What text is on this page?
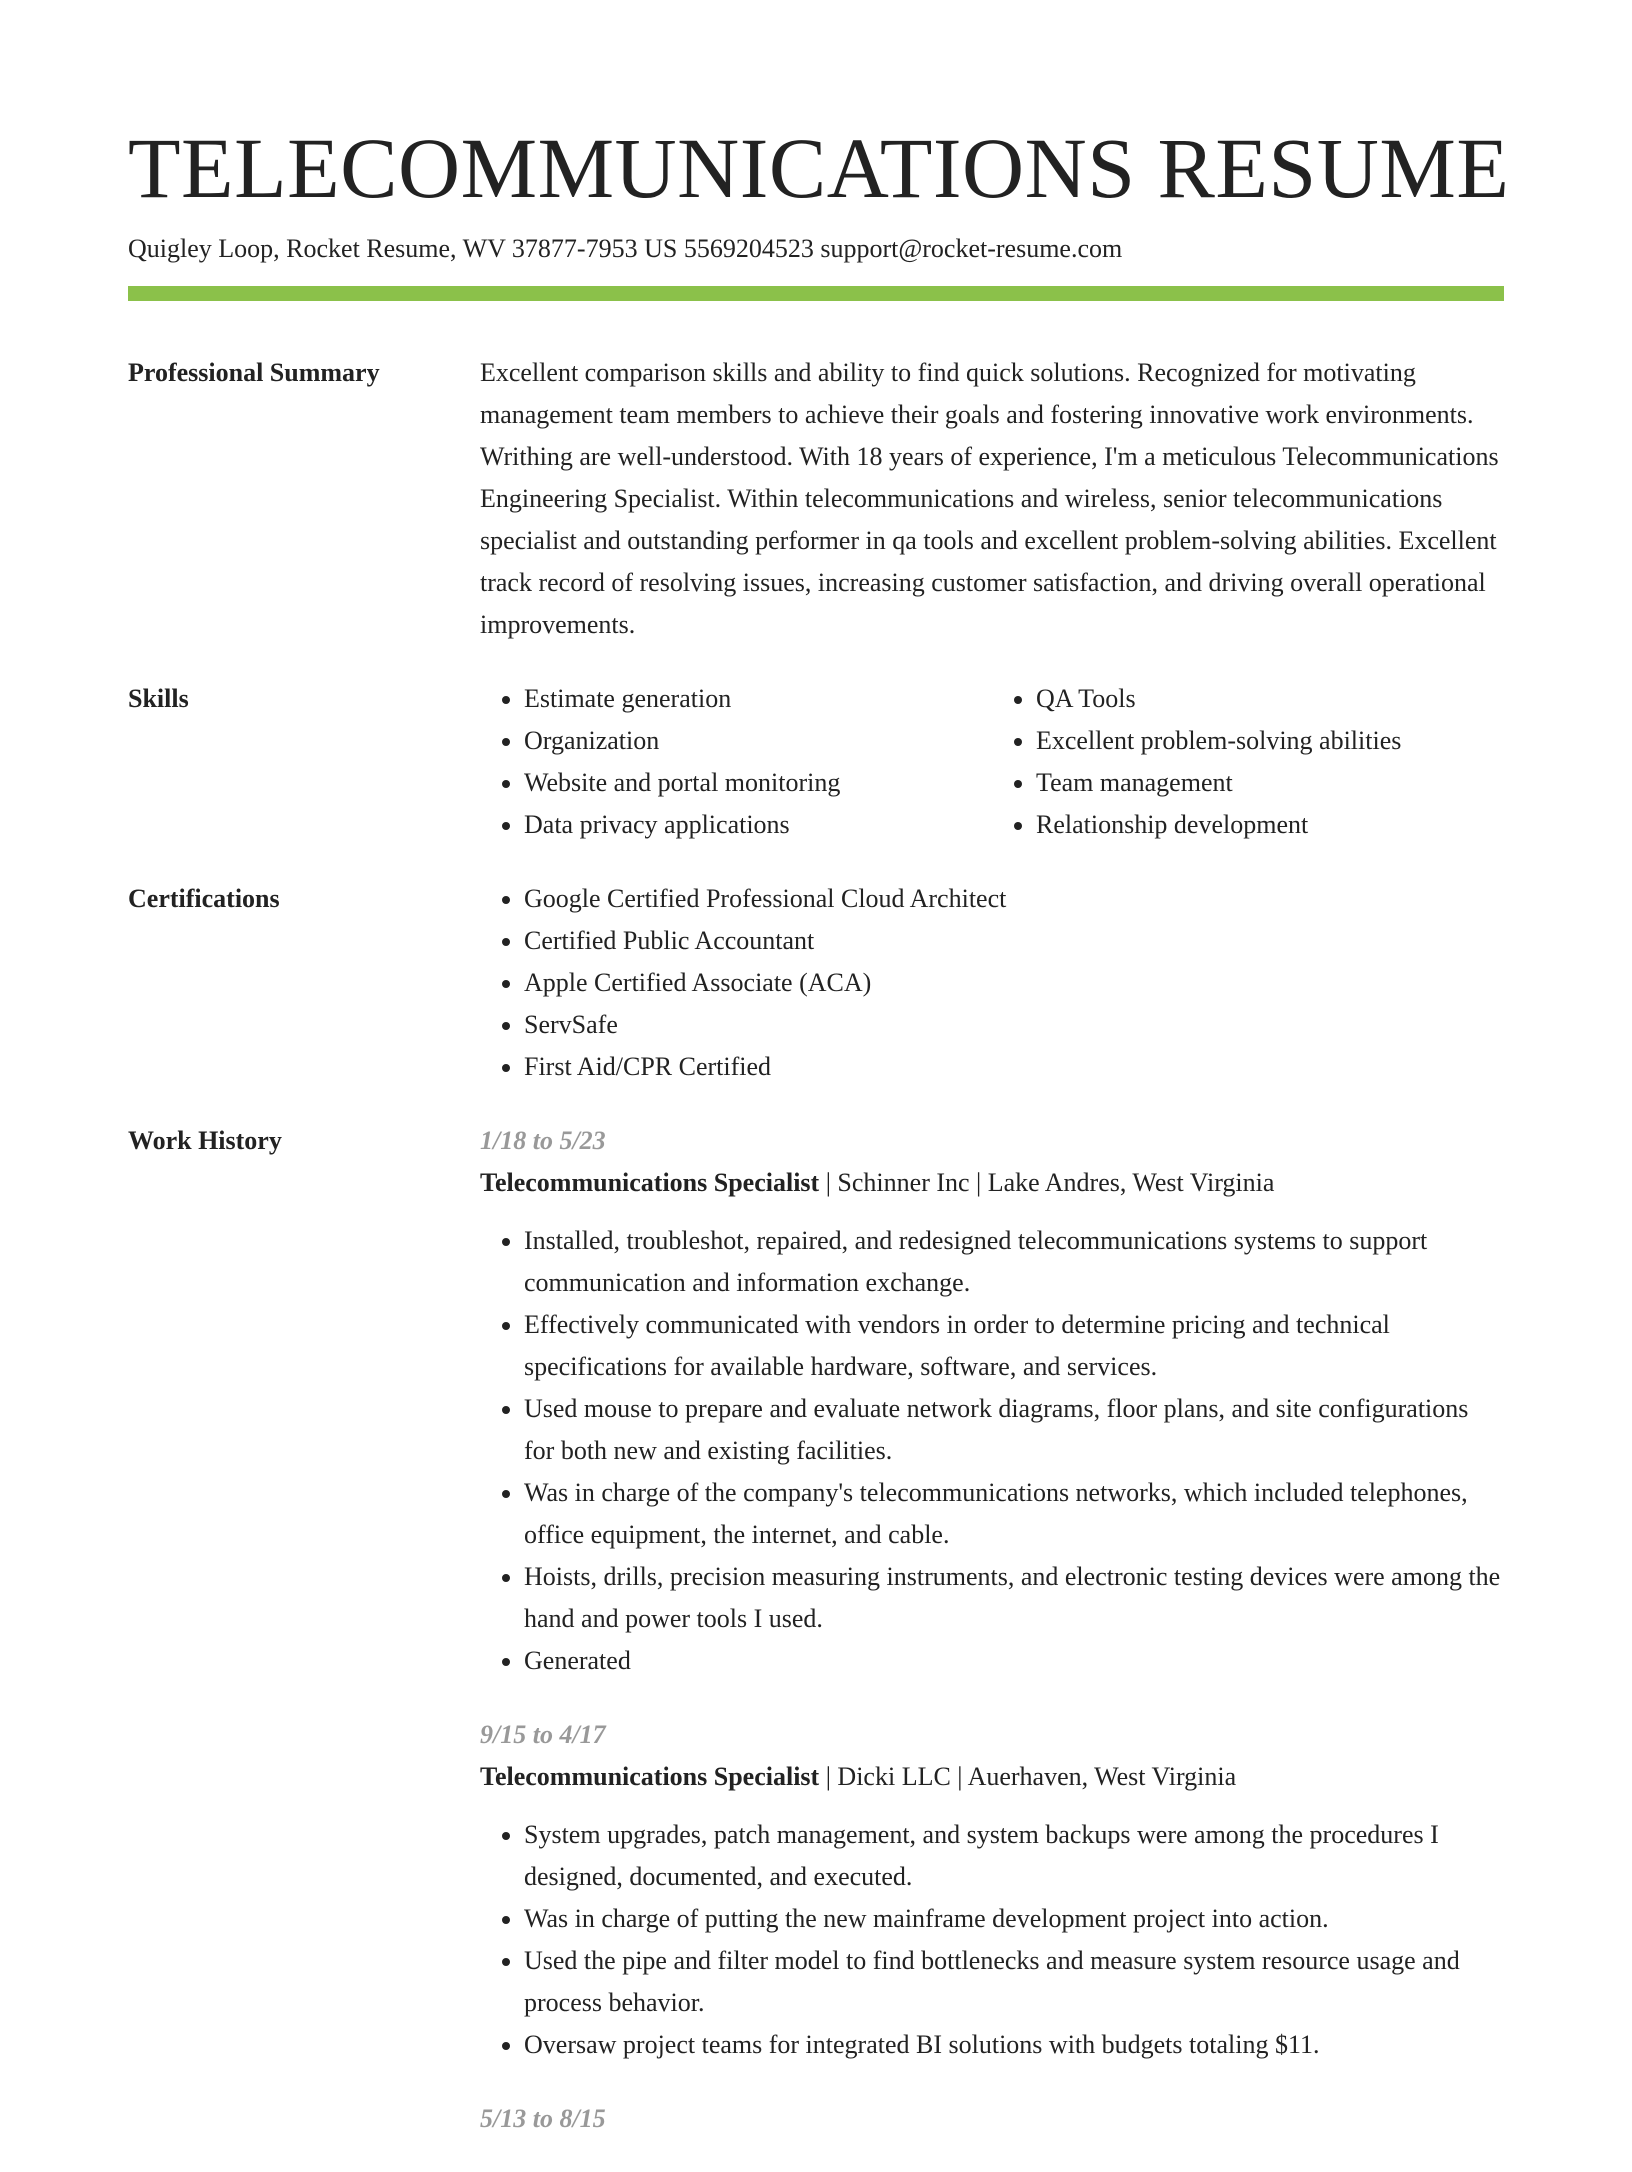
TELECOMMUNICATIONS RESUME
Quigley Loop, Rocket Resume, WV 37877-7953 US 5569204523 support@rocket-resume.com
Professional Summary	Excellent comparison skills and ability to find quick solutions. Recognized for motivating management team members to achieve their goals and fostering innovative work environments. Writhing are well-understood. With 18 years of experience, I'm a meticulous Telecommunications Engineering Specialist. Within telecommunications and wireless, senior telecommunications specialist and outstanding performer in qa tools and excellent problem-solving abilities. Excellent track record of resolving issues, increasing customer satisfaction, and driving overall operational improvements.

Skills	• Estimate generation
• Organization
• Website and portal monitoring
• Data privacy applications
• QA Tools
• Excellent problem-solving abilities
• Team management
• Relationship development
Certifications	• Google Certified Professional Cloud Architect
• Certified Public Accountant
• Apple Certified Associate (ACA)
• ServSafe
• First Aid/CPR Certified
Work History	1/18 to 5/23
Telecommunications Specialist | Schinner Inc | Lake Andres, West Virginia
• Installed, troubleshot, repaired, and redesigned telecommunications systems to support communication and information exchange.
• Effectively communicated with vendors in order to determine pricing and technical specifications for available hardware, software, and services.
• Used mouse to prepare and evaluate network diagrams, floor plans, and site configurations for both new and existing facilities.
• Was in charge of the company's telecommunications networks, which included telephones, office equipment, the internet, and cable.
• Hoists, drills, precision measuring instruments, and electronic testing devices were among the hand and power tools I used.
• Generated
9/15 to 4/17
Telecommunications Specialist | Dicki LLC | Auerhaven, West Virginia
• System upgrades, patch management, and system backups were among the procedures I designed, documented, and executed.
• Was in charge of putting the new mainframe development project into action.
• Used the pipe and filter model to find bottlenecks and measure system resource usage and process behavior.
• Oversaw project teams for integrated BI solutions with budgets totaling $11.
5/13 to 8/15
